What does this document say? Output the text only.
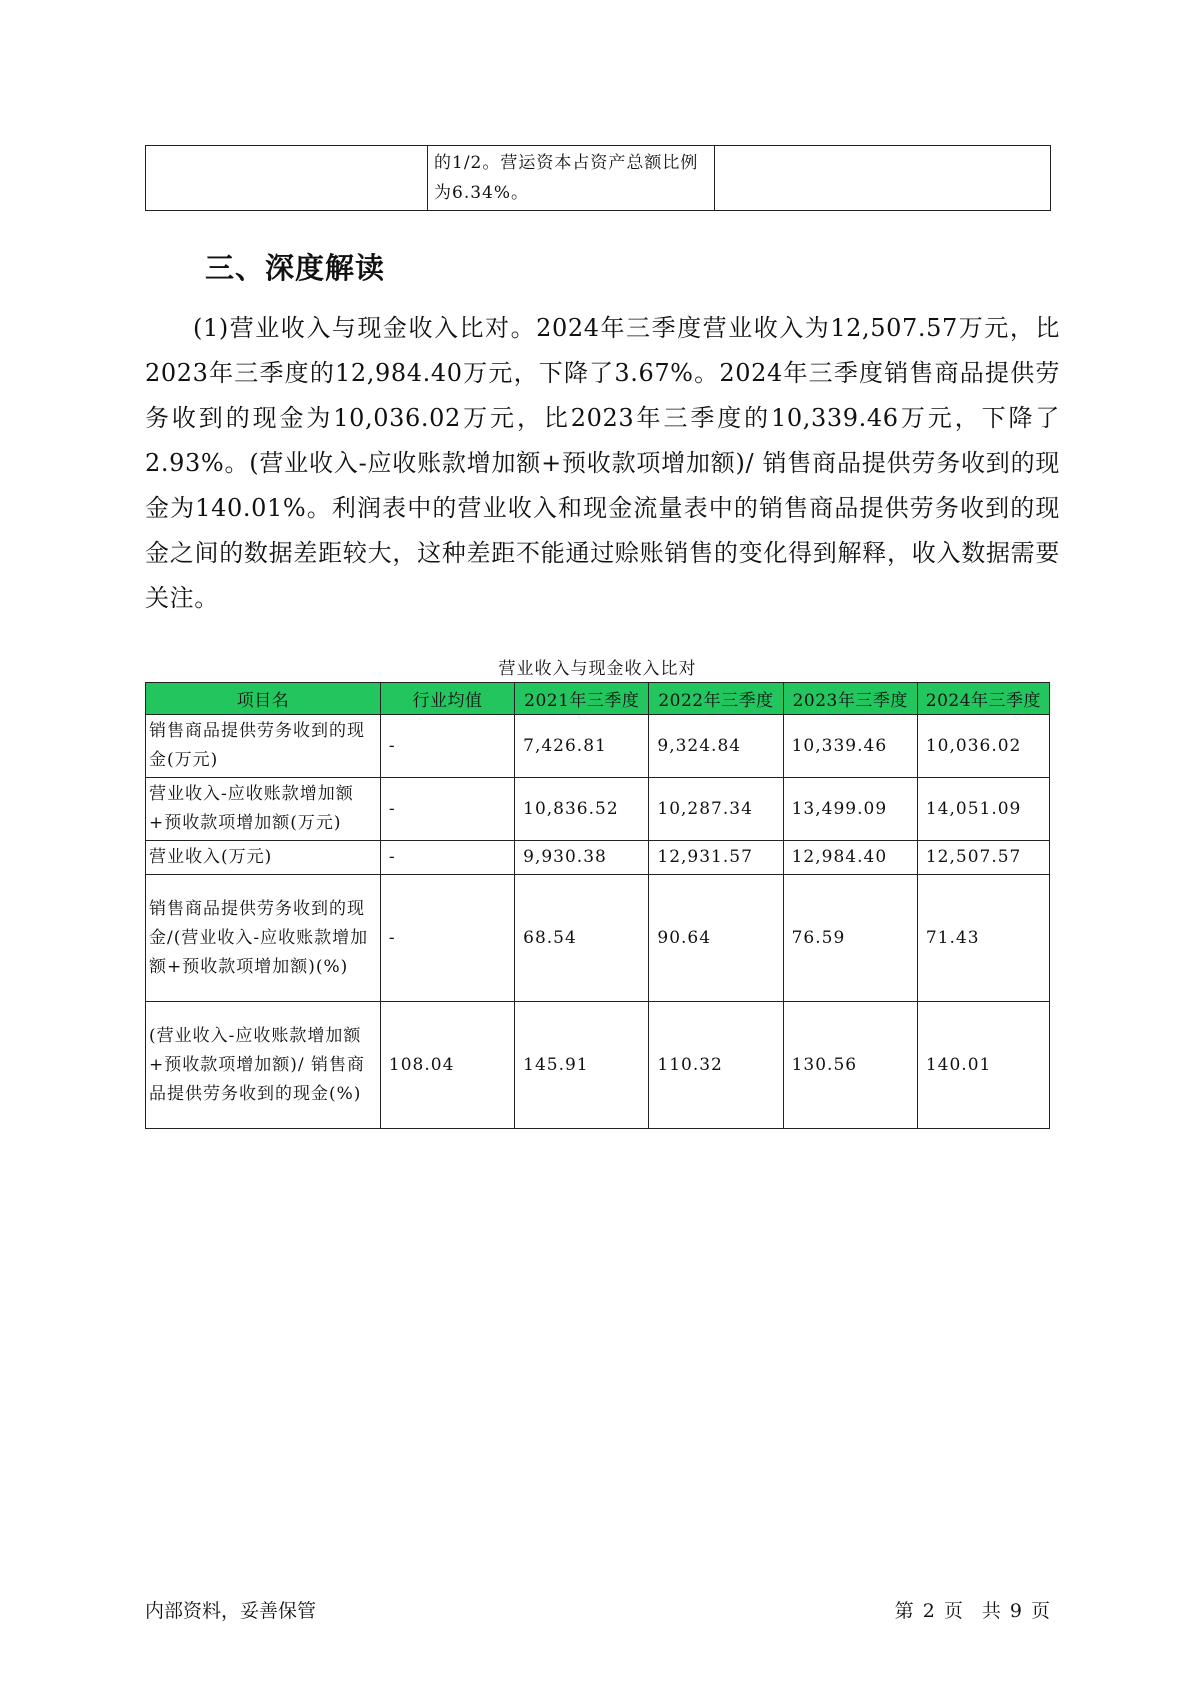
	的1/2。营运资本占资产总额比例为6.34%。	
三、深度解读

(1)营业收入与现金收入比对。2024年三季度营业收入为12,507.57万元，比2023年三季度的12,984.40万元，下降了3.67%。2024年三季度销售商品提供劳务收到的现金为10,036.02万元，比2023年三季度的10,339.46万元，下降了2.93%。(营业收入-应收账款增加额+预收款项增加额)/ 销售商品提供劳务收到的现金为140.01%。利润表中的营业收入和现金流量表中的销售商品提供劳务收到的现金之间的数据差距较大，这种差距不能通过赊账销售的变化得到解释，收入数据需要关注。

营业收入与现金收入比对
项目名	行业均值	2021年三季度	2022年三季度	2023年三季度	2024年三季度
销售商品提供劳务收到的现金(万元)	-	7,426.81	9,324.84	10,339.46	10,036.02
营业收入-应收账款增加额+预收款项增加额(万元)	-	10,836.52	10,287.34	13,499.09	14,051.09
营业收入(万元)	-	9,930.38	12,931.57	12,984.40	12,507.57
销售商品提供劳务收到的现金/(营业收入-应收账款增加额+预收款项增加额)(%)	-	68.54	90.64	76.59	71.43
(营业收入-应收账款增加额+预收款项增加额)/ 销售商品提供劳务收到的现金(%)	108.04	145.91	110.32	130.56	140.01
内部资料，妥善保管	第 2 页　共 9 页
